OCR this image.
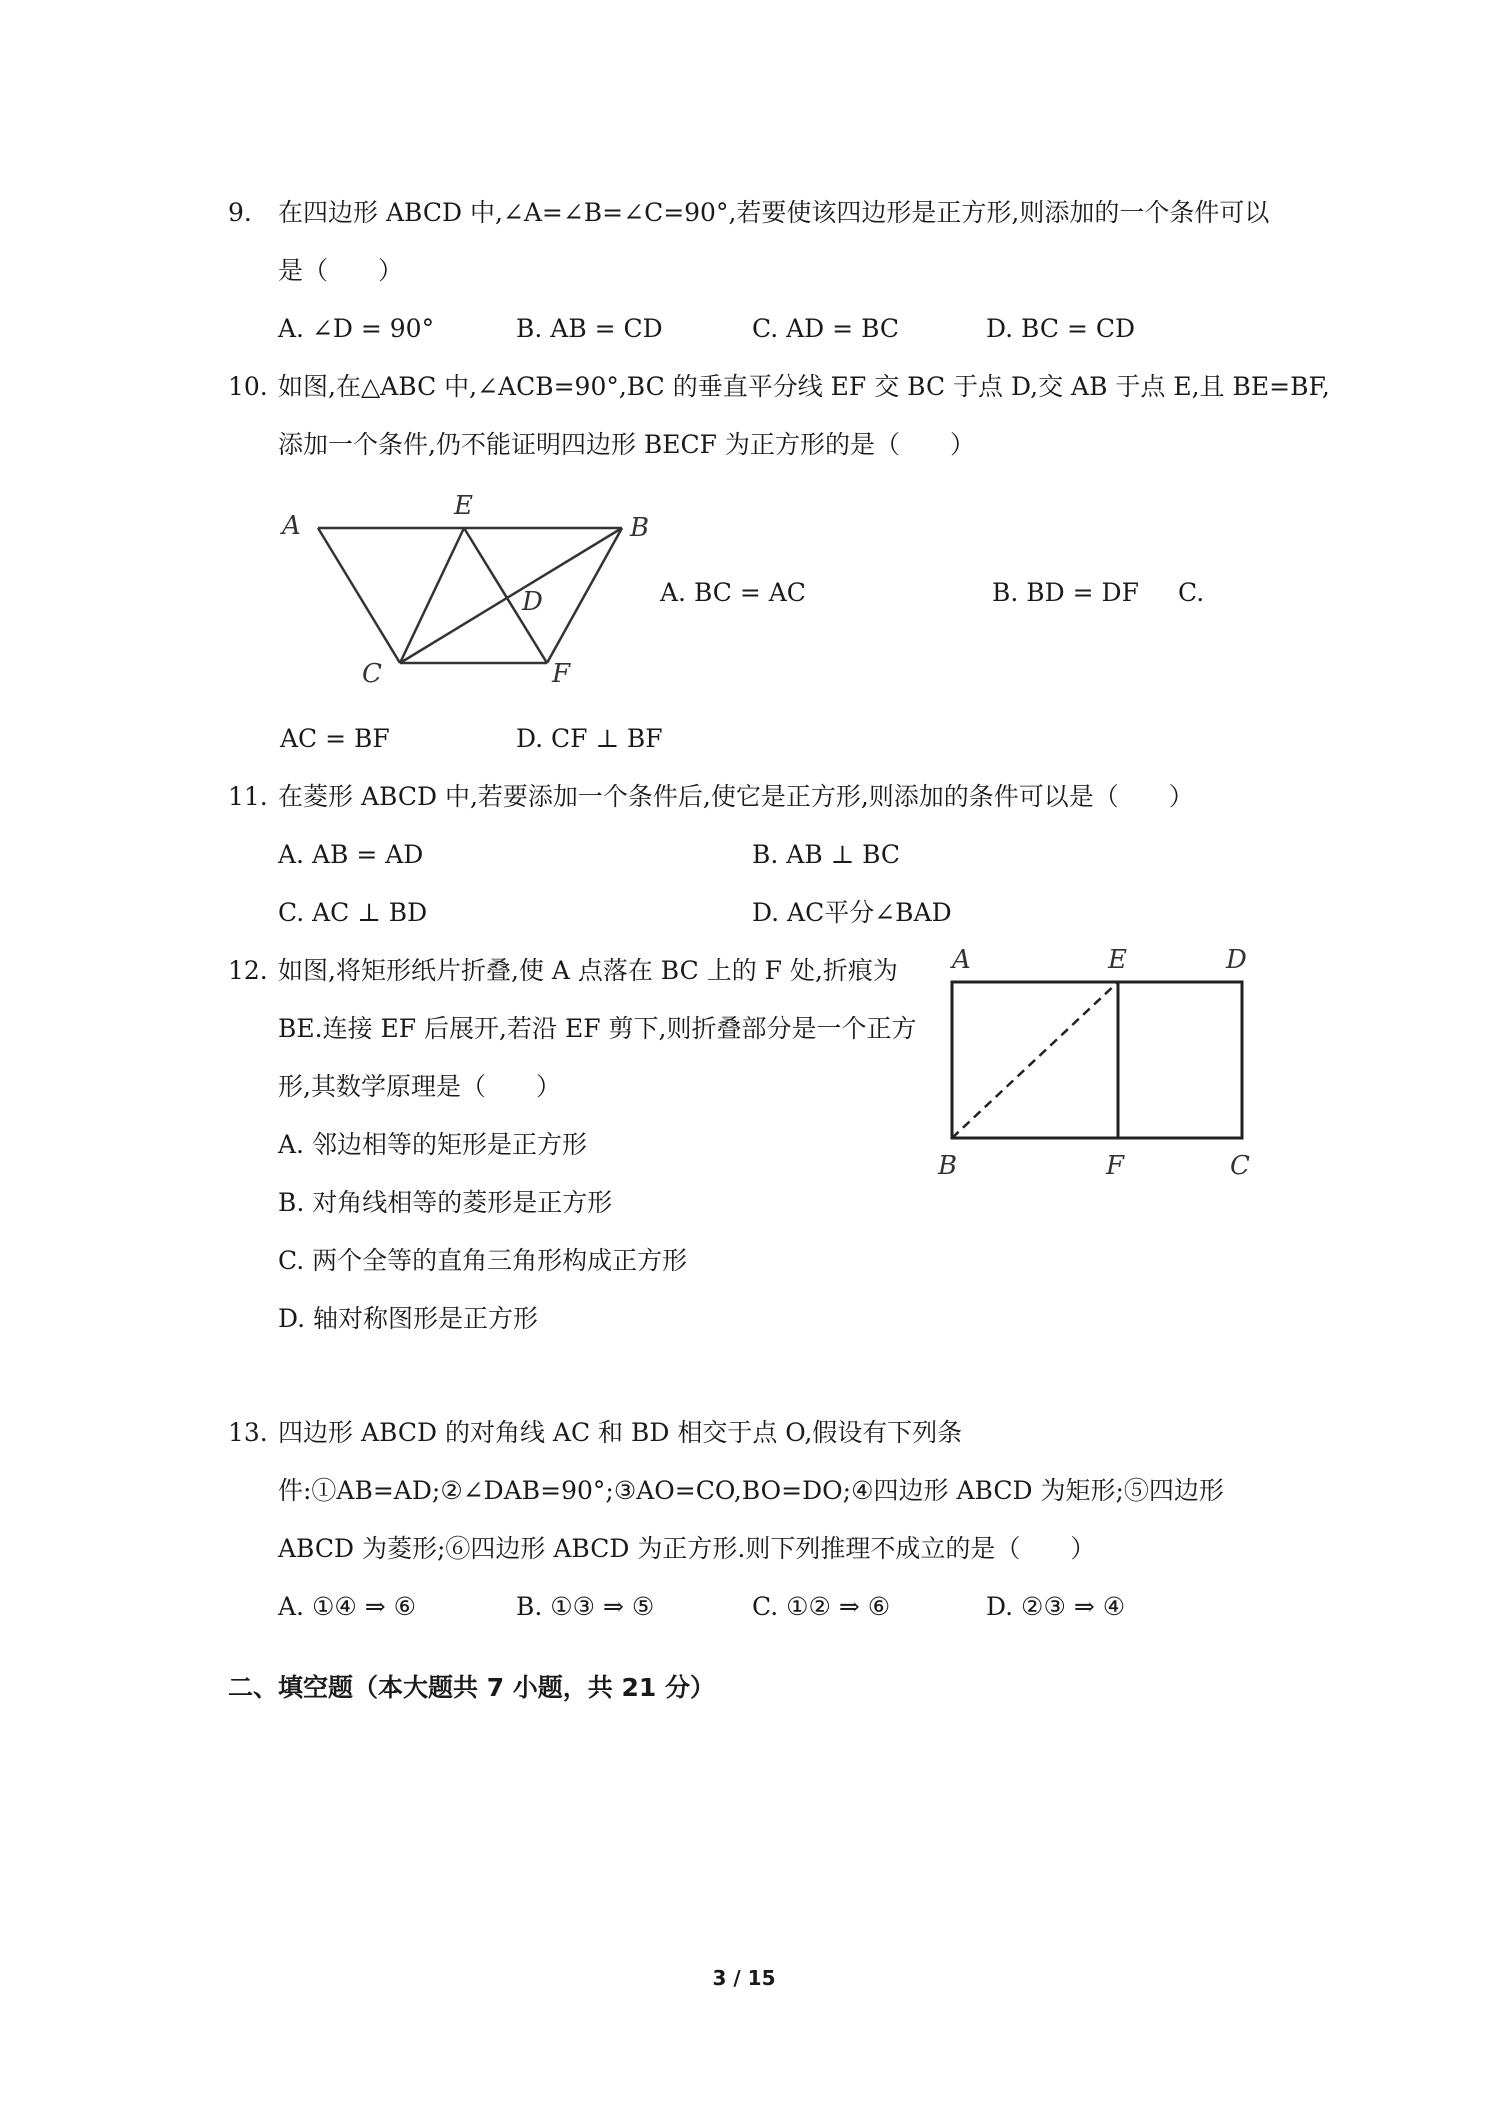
9. 在四边形 ABCD 中,∠A=∠B=∠C=90°,若要使该四边形是正方形,则添加的一个条件可以
是（　　）
A. ∠D = 90°	B. AB = CD	C. AD = BC	D. BC = CD
10. 如图,在△ABC 中,∠ACB=90°,BC 的垂直平分线 EF 交 BC 于点 D,交 AB 于点 E,且 BE=BF,
添加一个条件,仍不能证明四边形 BECF 为正方形的是（　　）
A
E
B
D
C	F
A. BC = AC	B. BD = DF C.
AC = BF	D. CF ⊥ BF
11. 在菱形 ABCD 中,若要添加一个条件后,使它是正方形,则添加的条件可以是（　　）
A. AB = AD	B. AB ⊥ BC
C. AC ⊥ BD	D. AC平分∠BAD
12. 如图,将矩形纸片折叠,使 A 点落在 BC 上的 F 处,折痕为
BE.连接 EF 后展开,若沿 EF 剪下,则折叠部分是一个正方
形,其数学原理是（　　）
A. 邻边相等的矩形是正方形
B. 对角线相等的菱形是正方形
C. 两个全等的直角三角形构成正方形
D. 轴对称图形是正方形
A	E	D
B	F	C
13. 四边形 ABCD 的对角线 AC 和 BD 相交于点 O,假设有下列条
件:①AB=AD;②∠DAB=90°;③AO=CO,BO=DO;④四边形 ABCD 为矩形;⑤四边形
ABCD 为菱形;⑥四边形 ABCD 为正方形.则下列推理不成立的是（　　）
A. ①④ ⇒ ⑥	B. ①③ ⇒ ⑤	C. ①② ⇒ ⑥	D. ②③ ⇒ ④
二、填空题（本大题共 7 小题，共 21 分）
3 / 15
